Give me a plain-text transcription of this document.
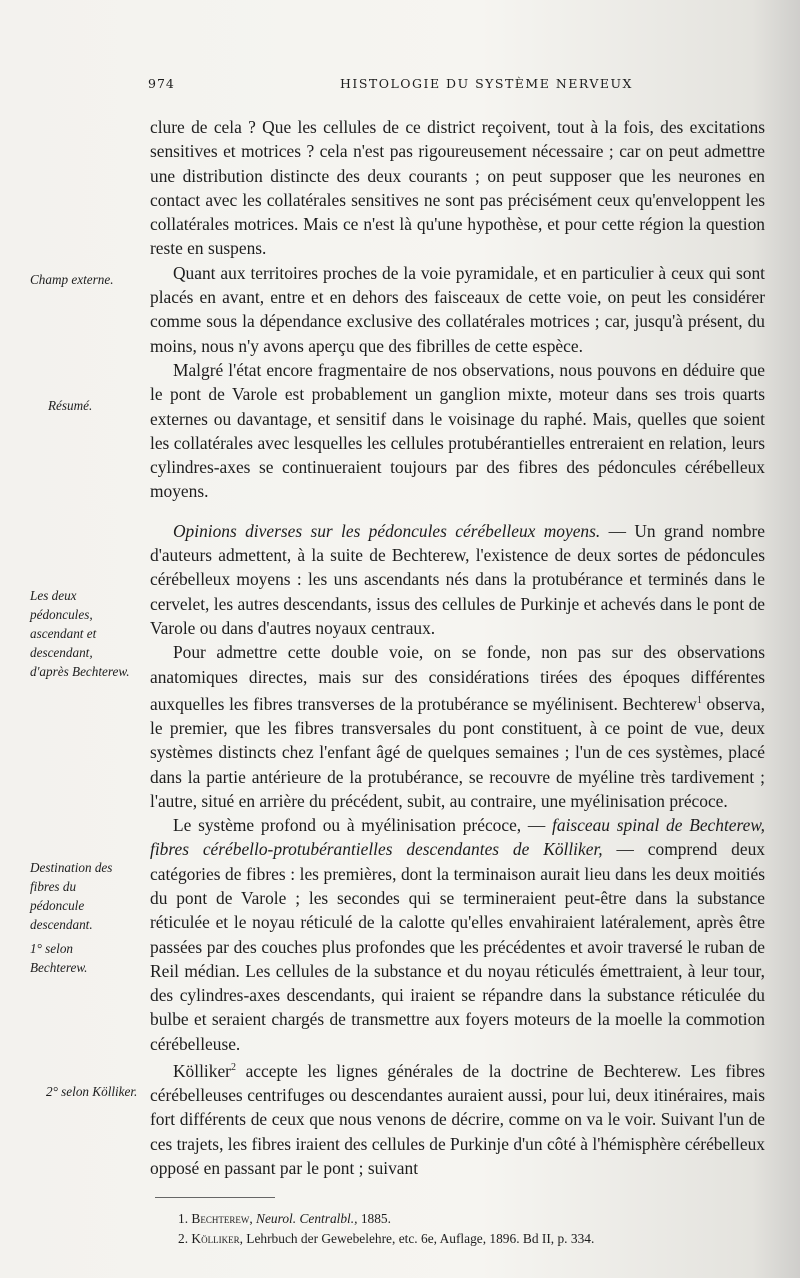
974	HISTOLOGIE DU SYSTÈME NERVEUX
Champ externe.
Résumé.
Les deux pédoncules, ascendant et descendant, d'après Bechterew.
Destination des fibres du pédoncule descendant.
1° selon Bechterew.
2° selon Kölliker.

clure de cela ? Que les cellules de ce district reçoivent, tout à la fois, des excitations sensitives et motrices ? cela n'est pas rigoureusement nécessaire ; car on peut admettre une distribution distincte des deux courants ; on peut supposer que les neurones en contact avec les collatérales sensitives ne sont pas précisément ceux qu'enveloppent les collatérales motrices. Mais ce n'est là qu'une hypothèse, et pour cette région la question reste en suspens.

Quant aux territoires proches de la voie pyramidale, et en particulier à ceux qui sont placés en avant, entre et en dehors des faisceaux de cette voie, on peut les considérer comme sous la dépendance exclusive des collatérales motrices ; car, jusqu'à présent, du moins, nous n'y avons aperçu que des fibrilles de cette espèce.

Malgré l'état encore fragmentaire de nos observations, nous pouvons en déduire que le pont de Varole est probablement un ganglion mixte, moteur dans ses trois quarts externes ou davantage, et sensitif dans le voisinage du raphé. Mais, quelles que soient les collatérales avec lesquelles les cellules protubérantielles entreraient en relation, leurs cylindres-axes se continueraient toujours par des fibres des pédoncules cérébelleux moyens.

Opinions diverses sur les pédoncules cérébelleux moyens. — Un grand nombre d'auteurs admettent, à la suite de Bechterew, l'existence de deux sortes de pédoncules cérébelleux moyens : les uns ascendants nés dans la protubérance et terminés dans le cervelet, les autres descendants, issus des cellules de Purkinje et achevés dans le pont de Varole ou dans d'autres noyaux centraux.

Pour admettre cette double voie, on se fonde, non pas sur des observations anatomiques directes, mais sur des considérations tirées des époques différentes auxquelles les fibres transverses de la protubérance se myélinisent. Bechterew$^1$ observa, le premier, que les fibres transversales du pont constituent, à ce point de vue, deux systèmes distincts chez l'enfant âgé de quelques semaines ; l'un de ces systèmes, placé dans la partie antérieure de la protubérance, se recouvre de myéline très tardivement ; l'autre, situé en arrière du précédent, subit, au contraire, une myélinisation précoce.

Le système profond ou à myélinisation précoce, — faisceau spinal de Bechterew, fibres cérébello-protubérantielles descendantes de Kölliker, — comprend deux catégories de fibres : les premières, dont la terminaison aurait lieu dans les deux moitiés du pont de Varole ; les secondes qui se termineraient peut-être dans la substance réticulée et le noyau réticulé de la calotte qu'elles envahiraient latéralement, après être passées par des couches plus profondes que les précédentes et avoir traversé le ruban de Reil médian. Les cellules de la substance et du noyau réticulés émettraient, à leur tour, des cylindres-axes descendants, qui iraient se répandre dans la substance réticulée du bulbe et seraient chargés de transmettre aux foyers moteurs de la moelle la commotion cérébelleuse.

Kölliker$^2$ accepte les lignes générales de la doctrine de Bechterew. Les fibres cérébelleuses centrifuges ou descendantes auraient aussi, pour lui, deux itinéraires, mais fort différents de ceux que nous venons de décrire, comme on va le voir. Suivant l'un de ces trajets, les fibres iraient des cellules de Purkinje d'un côté à l'hémisphère cérébelleux opposé en passant par le pont ; suivant

1. Bechterew, Neurol. Centralbl., 1885.
2. Kölliker, Lehrbuch der Gewebelehre, etc. 6e, Auflage, 1896. Bd II, p. 334.
